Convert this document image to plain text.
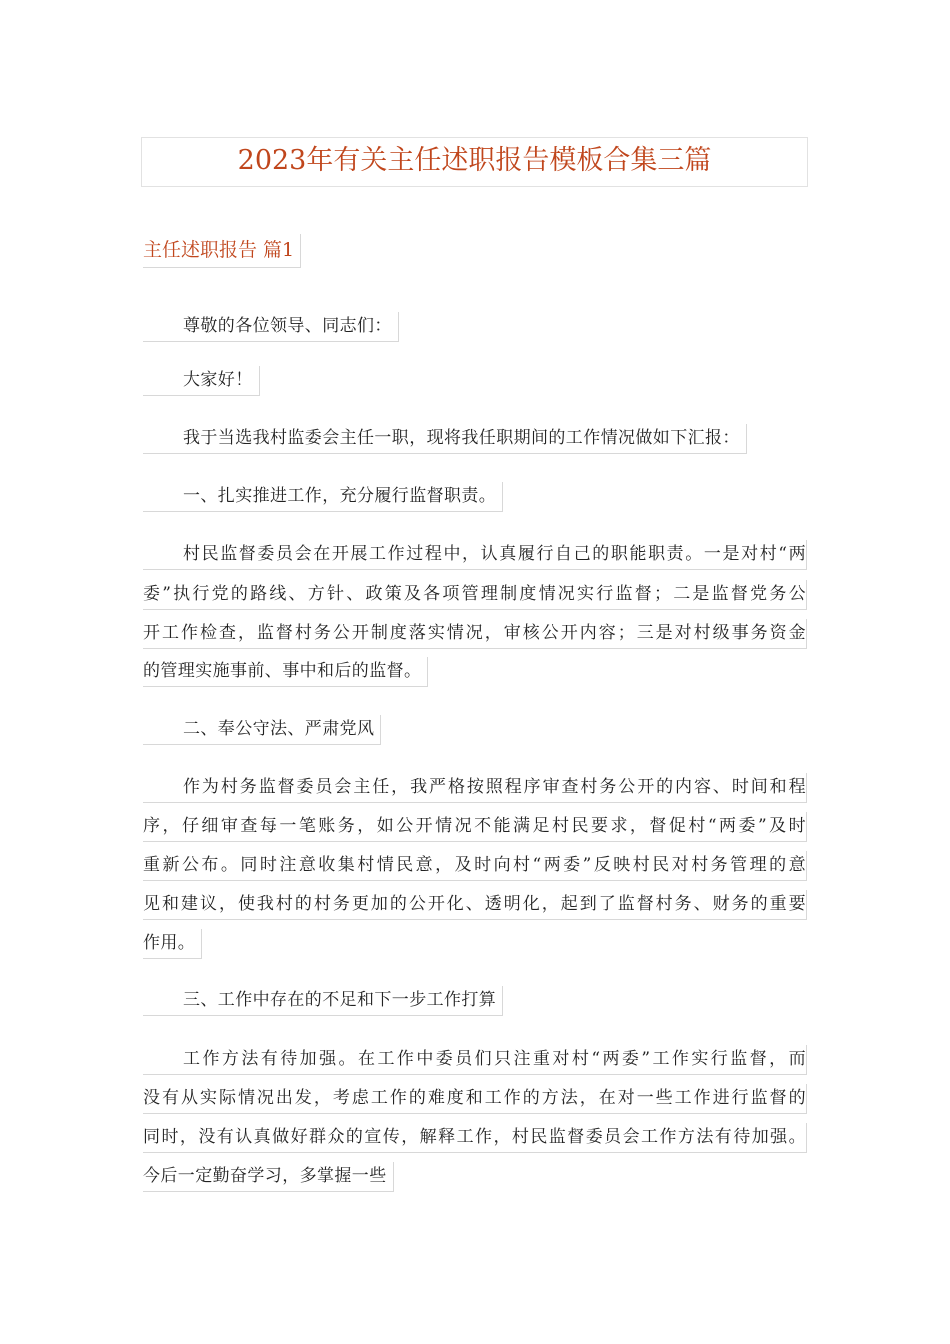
2023年有关主任述职报告模板合集三篇
主任述职报告 篇1
尊敬的各位领导、同志们：
大家好！
我于当选我村监委会主任一职，现将我任职期间的工作情况做如下汇报：
一、扎实推进工作，充分履行监督职责。
村民监督委员会在开展工作过程中，认真履行自己的职能职责。一是对村“两
委”执行党的路线、方针、政策及各项管理制度情况实行监督；二是监督党务公
开工作检查，监督村务公开制度落实情况，审核公开内容；三是对村级事务资金
的管理实施事前、事中和后的监督。
二、奉公守法、严肃党风
作为村务监督委员会主任，我严格按照程序审查村务公开的内容、时间和程
序，仔细审查每一笔账务，如公开情况不能满足村民要求，督促村“两委”及时
重新公布。同时注意收集村情民意，及时向村“两委”反映村民对村务管理的意
见和建议，使我村的村务更加的公开化、透明化，起到了监督村务、财务的重要
作用。
三、工作中存在的不足和下一步工作打算
工作方法有待加强。在工作中委员们只注重对村“两委”工作实行监督，而
没有从实际情况出发，考虑工作的难度和工作的方法，在对一些工作进行监督的
同时，没有认真做好群众的宣传，解释工作，村民监督委员会工作方法有待加强。
今后一定勤奋学习，多掌握一些
